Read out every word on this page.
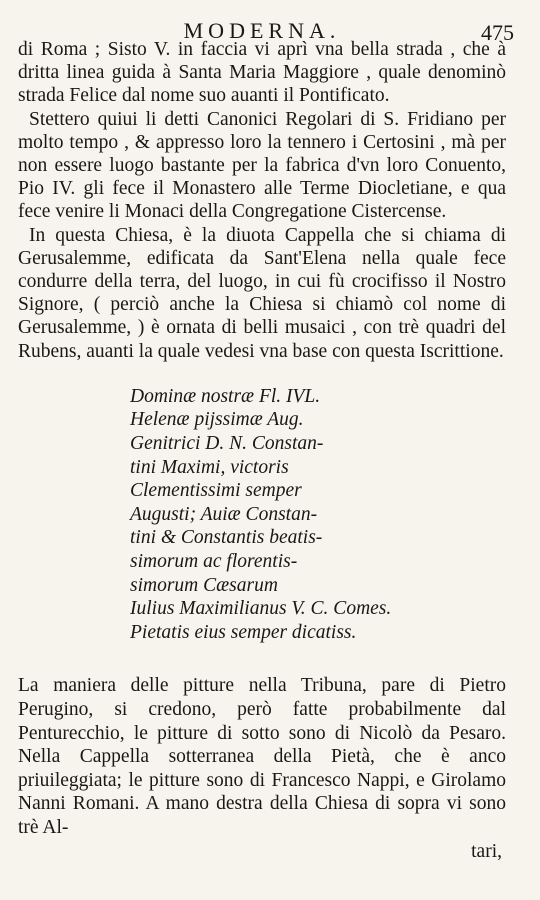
MODERNA.	475

di Roma ; Sisto V. in faccia vi aprì vna bella strada , che à dritta linea guida à Santa Maria Maggiore , quale denominò strada Felice dal nome suo auanti il Pontificato.

Stettero quiui li detti Canonici Regolari di S. Fridiano per molto tempo , & appresso loro la tennero i Certosini , mà per non essere luogo bastante per la fabrica d'vn loro Conuento, Pio IV. gli fece il Monastero alle Terme Diocletiane, e qua fece venire li Monaci della Congregatione Cistercense.

In questa Chiesa, è la diuota Cappella che si chiama di Gerusalemme, edificata da Sant'Elena nella quale fece condurre della terra, del luogo, in cui fù crocifisso il Nostro Signore, ( perciò anche la Chiesa si chiamò col nome di Gerusalemme, ) è ornata di belli musaici , con trè quadri del Rubens, auanti la quale vedesi vna base con questa Iscrittione.

Dominæ nostræ Fl. IVL.
Helenæ pijssimæ Aug.
Genitrici D. N. Constan-
tini Maximi, victoris
Clementissimi semper
Augusti; Auiæ Constan-
tini & Constantis beatis-
simorum ac florentis-
simorum Cæsarum
Iulius Maximilianus V. C. Comes.
Pietatis eius semper dicatiss.

La maniera delle pitture nella Tribuna, pare di Pietro Perugino, si credono, però fatte probabilmente dal Penturecchio, le pitture di sotto sono di Nicolò da Pesaro. Nella Cappella sotterranea della Pietà, che è anco priuileggiata; le pitture sono di Francesco Nappi, e Girolamo Nanni Romani. A mano destra della Chiesa di sopra vi sono trè Al-

tari,
